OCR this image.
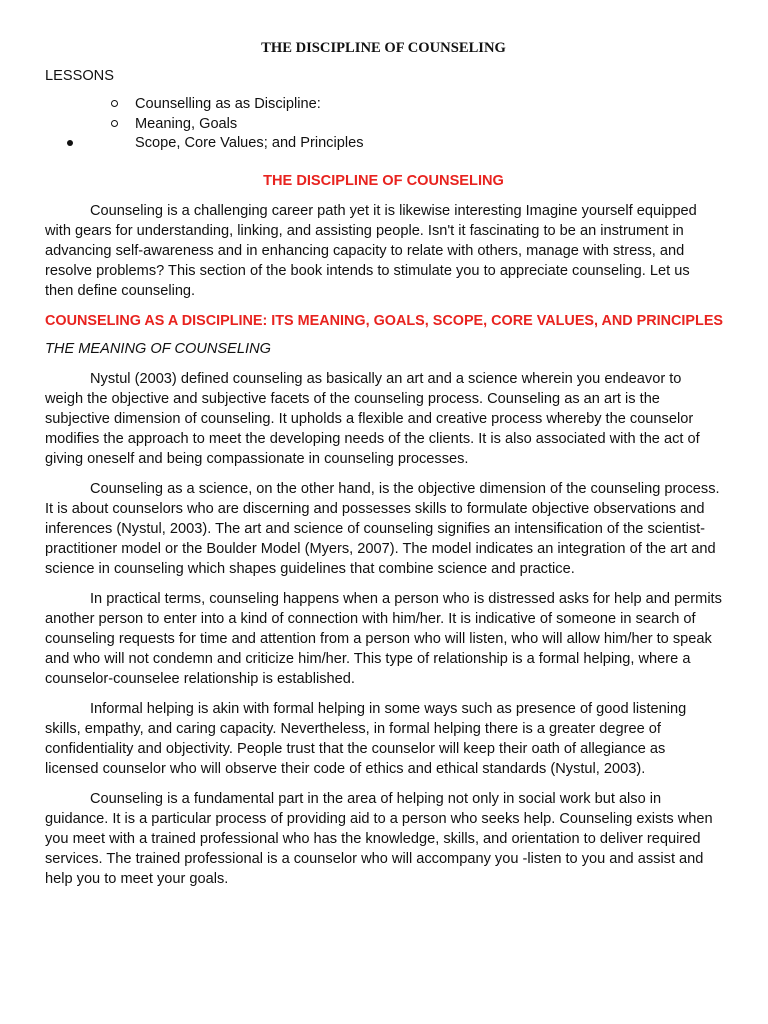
THE DISCIPLINE OF COUNSELING
LESSONS
Counselling as as Discipline:
Meaning, Goals
Scope, Core Values; and Principles
THE DISCIPLINE OF COUNSELING

Counseling is a challenging career path yet it is likewise interesting Imagine yourself equipped with gears for understanding, linking, and assisting people. Isn't it fascinating to be an instrument in advancing self-awareness and in enhancing capacity to relate with others, manage with stress, and resolve problems? This section of the book intends to stimulate you to appreciate counseling. Let us then define counseling.

COUNSELING AS A DISCIPLINE: ITS MEANING, GOALS, SCOPE, CORE VALUES, AND PRINCIPLES
THE MEANING OF COUNSELING

Nystul (2003) defined counseling as basically an art and a science wherein you endeavor to weigh the objective and subjective facets of the counseling process. Counseling as an art is the subjective dimension of counseling. It upholds a flexible and creative process whereby the counselor modifies the approach to meet the developing needs of the clients. It is also associated with the act of giving oneself and being compassionate in counseling processes.

Counseling as a science, on the other hand, is the objective dimension of the counseling process. It is about counselors who are discerning and possesses skills to formulate objective observations and inferences (Nystul, 2003). The art and science of counseling signifies an intensification of the scientist-practitioner model or the Boulder Model (Myers, 2007). The model indicates an integration of the art and science in counseling which shapes guidelines that combine science and practice.

In practical terms, counseling happens when a person who is distressed asks for help and permits another person to enter into a kind of connection with him/her. It is indicative of someone in search of counseling requests for time and attention from a person who will listen, who will allow him/her to speak and who will not condemn and criticize him/her. This type of relationship is a formal helping, where a counselor-counselee relationship is established.

Informal helping is akin with formal helping in some ways such as presence of good listening skills, empathy, and caring capacity. Nevertheless, in formal helping there is a greater degree of confidentiality and objectivity. People trust that the counselor will keep their oath of allegiance as licensed counselor who will observe their code of ethics and ethical standards (Nystul, 2003).

Counseling is a fundamental part in the area of helping not only in social work but also in guidance. It is a particular process of providing aid to a person who seeks help. Counseling exists when you meet with a trained professional who has the knowledge, skills, and orientation to deliver required services. The trained professional is a counselor who will accompany you -listen to you and assist and help you to meet your goals.
